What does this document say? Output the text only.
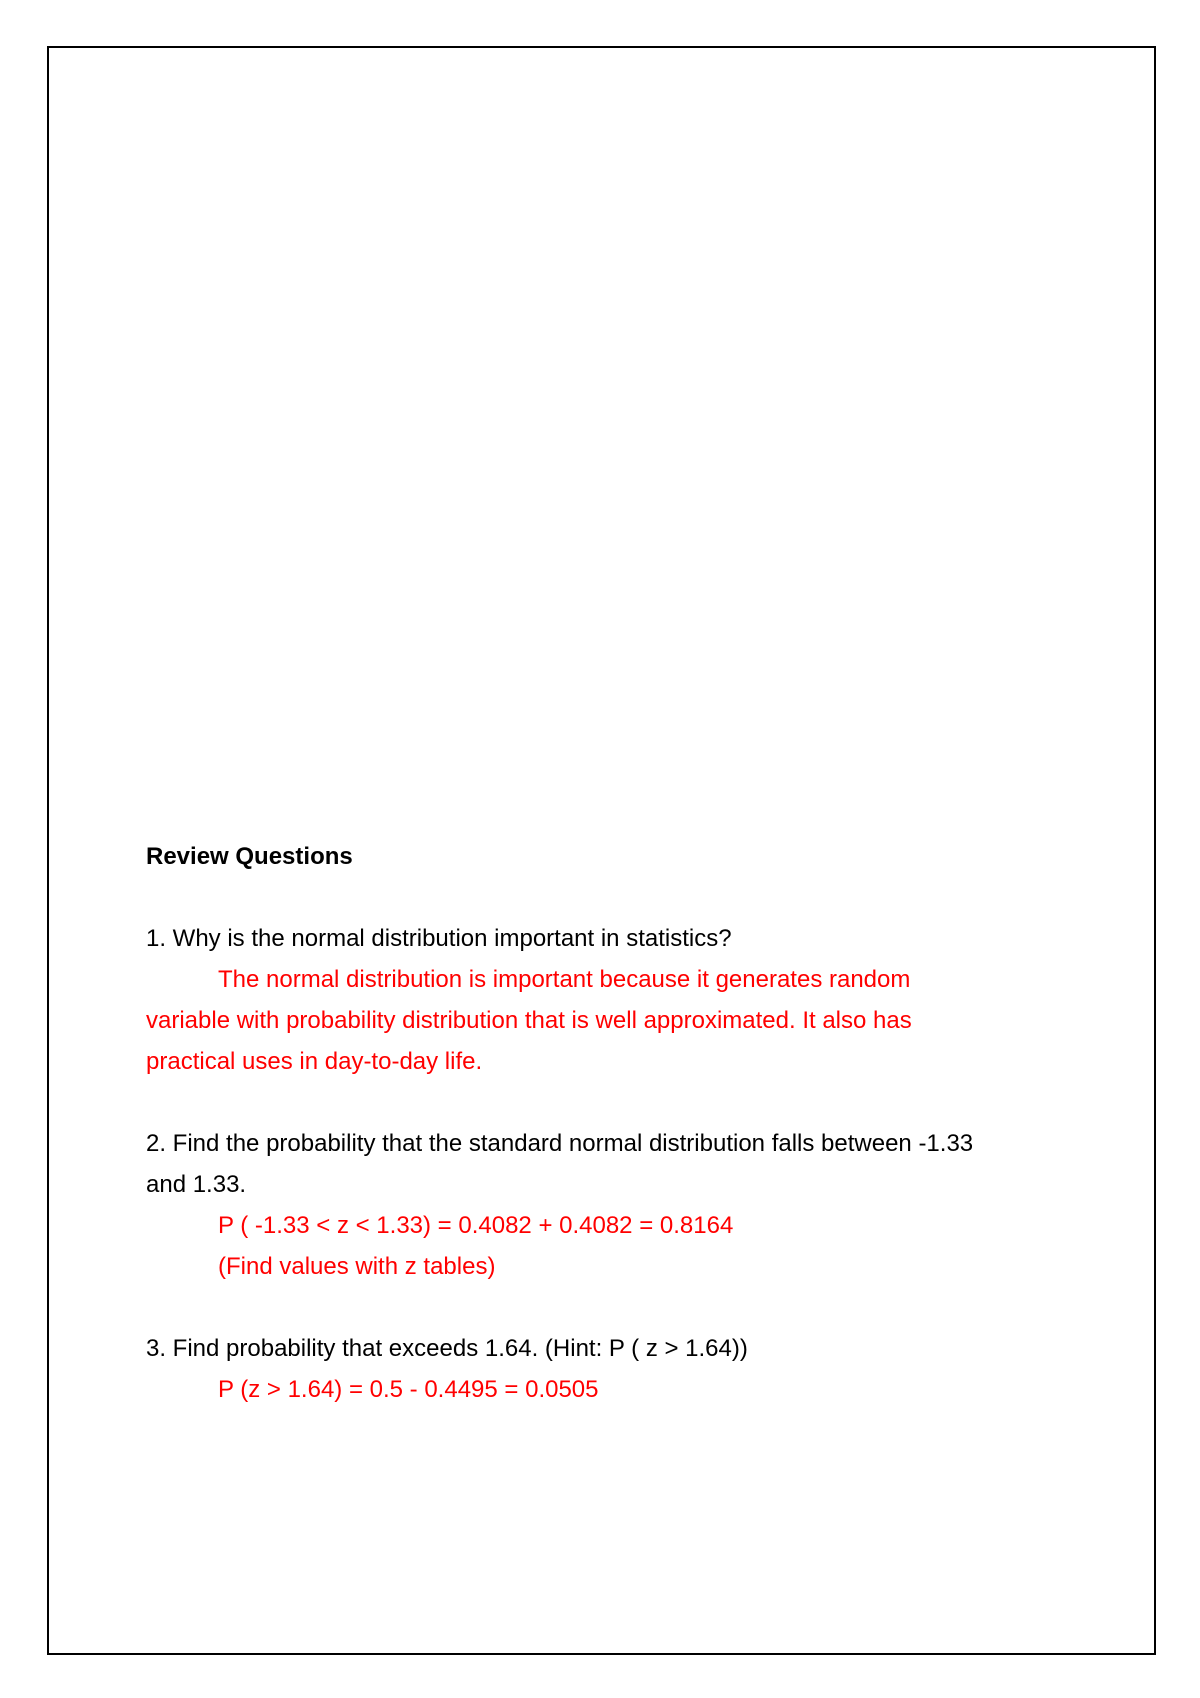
Review Questions

1. Why is the normal distribution important in statistics?

The normal distribution is important because it generates random

variable with probability distribution that is well approximated. It also has

practical uses in day-to-day life.

2. Find the probability that the standard normal distribution falls between -1.33

and 1.33.

P ( -1.33 < z < 1.33) = 0.4082 + 0.4082 = 0.8164

(Find values with z tables)

3. Find probability that exceeds 1.64. (Hint: P ( z > 1.64))

P (z > 1.64) = 0.5 - 0.4495 = 0.0505
